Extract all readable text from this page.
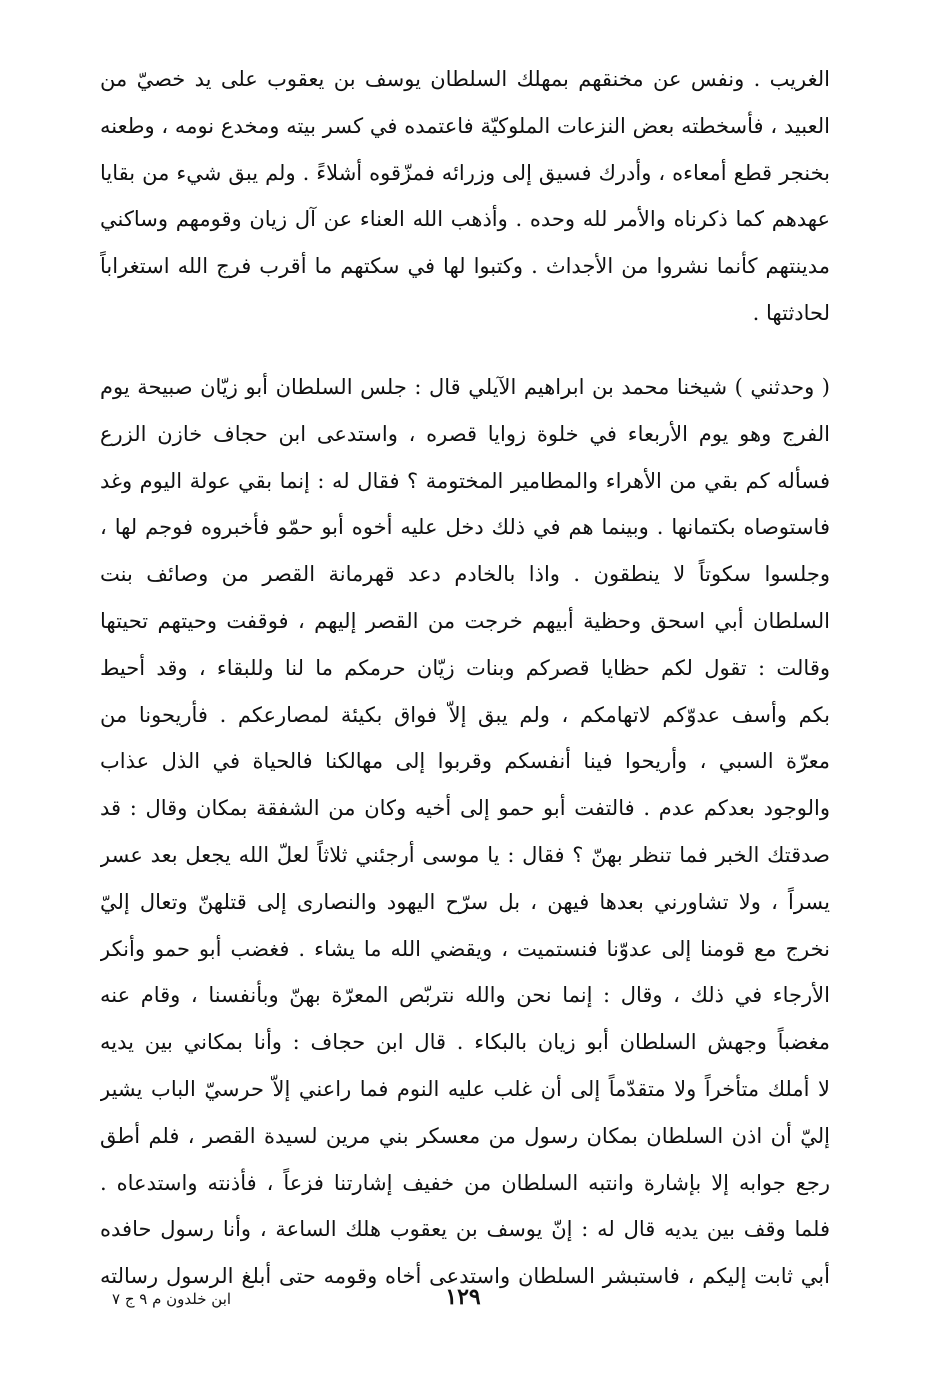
الغريب . ونفس عن مخنقهم بمهلك السلطان يوسف بن يعقوب على يد خصيّ من
العبيد ، فأسخطته بعض النزعات الملوكيّة فاعتمده في كسر بيته ومخدع نومه ، وطعنه
بخنجر قطع أمعاءه ، وأدرك فسيق إلى وزرائه فمزّقوه أشلاءً . ولم يبق شيء من بقايا
عهدهم كما ذكرناه والأمر لله وحده . وأذهب الله العناء عن آل زيان وقومهم وساكني
مدينتهم كأنما نشروا من الأجداث . وكتبوا لها في سكتهم ما أقرب فرج الله استغراباً
لحادثتها .
( وحدثني ) شيخنا محمد بن ابراهيم الآيلي قال : جلس السلطان أبو زيّان صبيحة يوم
الفرج وهو يوم الأربعاء في خلوة زوايا قصره ، واستدعى ابن حجاف خازن الزرع
فسأله كم بقي من الأهراء والمطامير المختومة ؟ فقال له : إنما بقي عولة اليوم وغد
فاستوصاه بكتمانها . وبينما هم في ذلك دخل عليه أخوه أبو حمّو فأخبروه فوجم لها ،
وجلسوا سكوتاً لا ينطقون . واذا بالخادم دعد قهرمانة القصر من وصائف بنت
السلطان أبي اسحق وحظية أبيهم خرجت من القصر إليهم ، فوقفت وحيتهم تحيتها
وقالت : تقول لكم حظايا قصركم وبنات زيّان حرمكم ما لنا وللبقاء ، وقد أحيط
بكم وأسف عدوّكم لاتهامكم ، ولم يبق إلاّ فواق بكيئة لمصارعكم . فأريحونا من
معرّة السبي ، وأريحوا فينا أنفسكم وقربوا إلى مهالكنا فالحياة في الذل عذاب
والوجود بعدكم عدم . فالتفت أبو حمو إلى أخيه وكان من الشفقة بمكان وقال : قد
صدقتك الخبر فما تنظر بهنّ ؟ فقال : يا موسى أرجئني ثلاثاً لعلّ الله يجعل بعد عسر
يسراً ، ولا تشاورني بعدها فيهن ، بل سرّح اليهود والنصارى إلى قتلهنّ وتعال إليّ
نخرج مع قومنا إلى عدوّنا فنستميت ، ويقضي الله ما يشاء . فغضب أبو حمو وأنكر
الأرجاء في ذلك ، وقال : إنما نحن والله نتربّص المعرّة بهنّ وبأنفسنا ، وقام عنه
مغضباً وجهش السلطان أبو زيان بالبكاء . قال ابن حجاف : وأنا بمكاني بين يديه
لا أملك متأخراً ولا متقدّماً إلى أن غلب عليه النوم فما راعني إلاّ حرسيّ الباب يشير
إليّ أن اذن السلطان بمكان رسول من معسكر بني مرين لسيدة القصر ، فلم أطق
رجع جوابه إلا بإشارة وانتبه السلطان من خفيف إشارتنا فزعاً ، فأذنته واستدعاه .
فلما وقف بين يديه قال له : إنّ يوسف بن يعقوب هلك الساعة ، وأنا رسول حافده
أبي ثابت إليكم ، فاستبشر السلطان واستدعى أخاه وقومه حتى أبلغ الرسول رسالته
١٢٩
ابن خلدون م ٩ ج ٧
